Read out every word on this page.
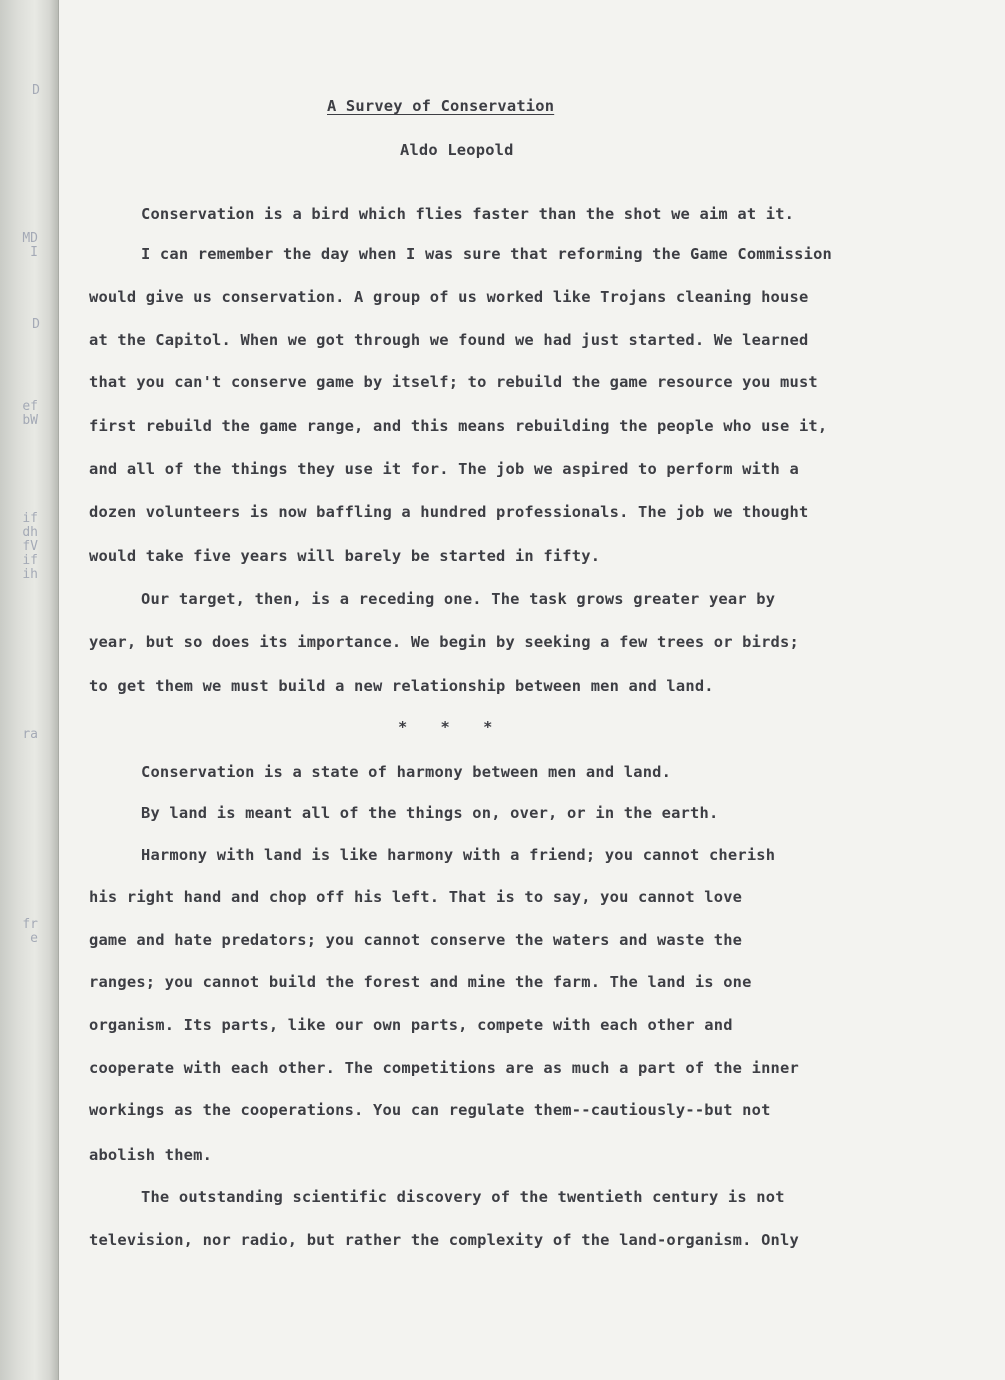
D
MDI
D
efbW
ifdhfVifih
ra
fre
A Survey of Conservation
Aldo Leopold
Conservation is a bird which flies faster than the shot we aim at it.
I can remember the day when I was sure that reforming the Game Commission
would give us conservation. A group of us worked like Trojans cleaning house
at the Capitol. When we got through we found we had just started. We learned
that you can't conserve game by itself; to rebuild the game resource you must
first rebuild the game range, and this means rebuilding the people who use it,
and all of the things they use it for. The job we aspired to perform with a
dozen volunteers is now baffling a hundred professionals. The job we thought
would take five years will barely be started in fifty.
Our target, then, is a receding one. The task grows greater year by
year, but so does its importance. We begin by seeking a few trees or birds;
to get them we must build a new relationship between men and land.
* * *
Conservation is a state of harmony between men and land.
By land is meant all of the things on, over, or in the earth.
Harmony with land is like harmony with a friend; you cannot cherish
his right hand and chop off his left. That is to say, you cannot love
game and hate predators; you cannot conserve the waters and waste the
ranges; you cannot build the forest and mine the farm. The land is one
organism. Its parts, like our own parts, compete with each other and
cooperate with each other. The competitions are as much a part of the inner
workings as the cooperations. You can regulate them--cautiously--but not
abolish them.
The outstanding scientific discovery of the twentieth century is not
television, nor radio, but rather the complexity of the land-organism. Only
